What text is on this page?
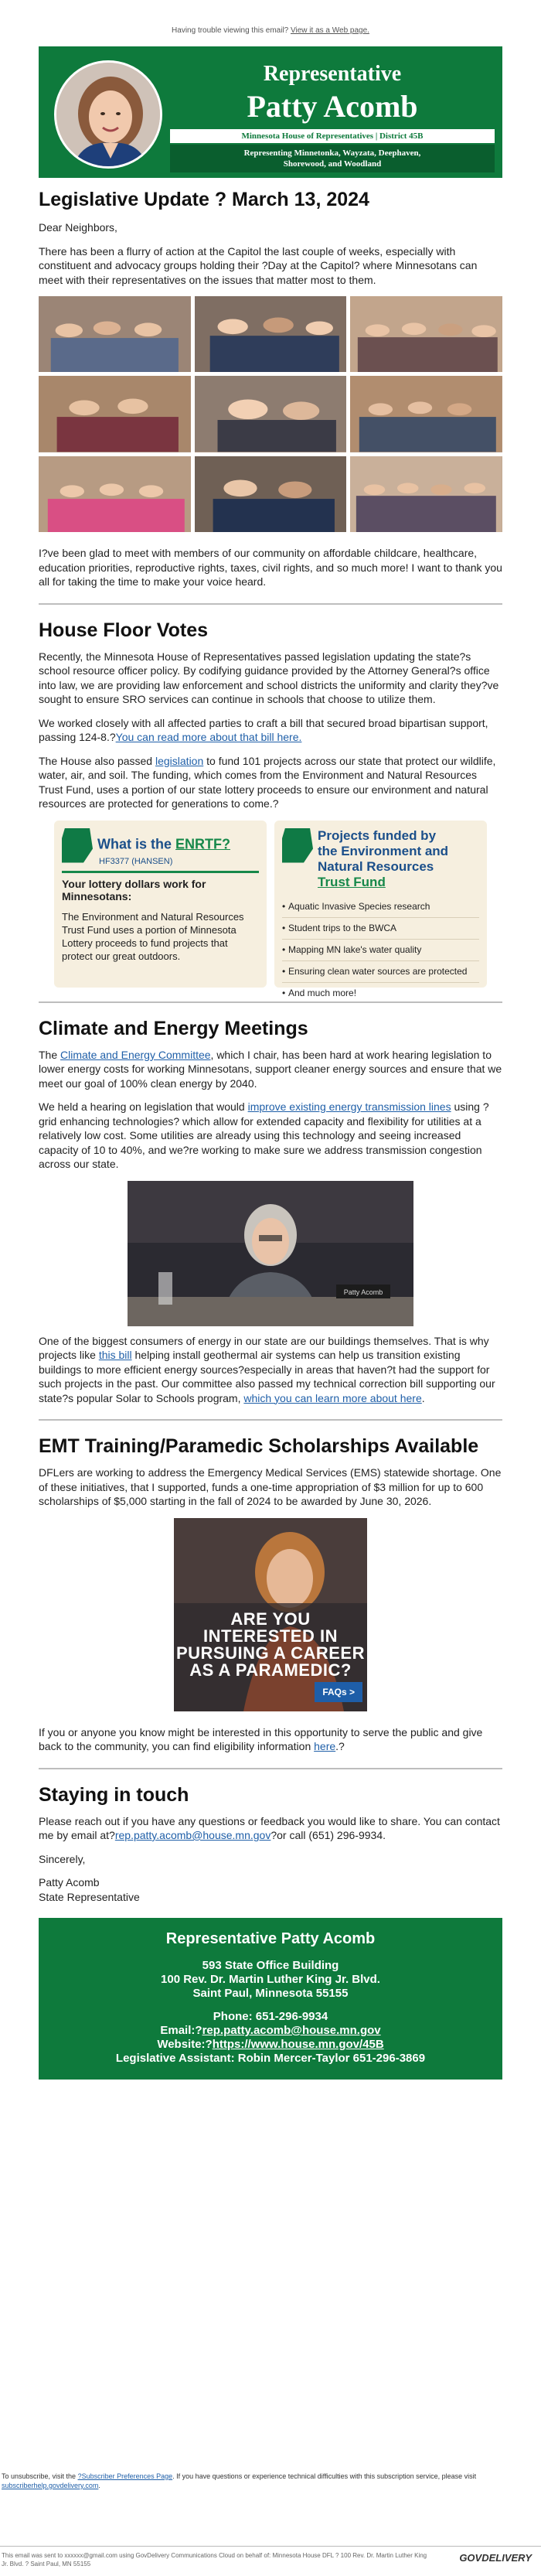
Having trouble viewing this email? View it as a Web page.
Representative
Patty Acomb
Minnesota House of Representatives | District 45B
Representing Minnetonka, Wayzata, Deephaven,
Shorewood, and Woodland
Legislative Update ? March 13, 2024

Dear Neighbors,

There has been a flurry of action at the Capitol the last couple of weeks, especially with constituent and advocacy groups holding their ?Day at the Capitol? where Minnesotans can meet with their representatives on the issues that matter most to them.

I?ve been glad to meet with members of our community on affordable childcare, healthcare, education priorities, reproductive rights, taxes, civil rights, and so much more! I want to thank you all for taking the time to make your voice heard.

House Floor Votes

Recently, the Minnesota House of Representatives passed legislation updating the state?s school resource officer policy. By codifying guidance provided by the Attorney General?s office into law, we are providing law enforcement and school districts the uniformity and clarity they?ve sought to ensure SRO services can continue in schools that choose to utilize them.

We worked closely with all affected parties to craft a bill that secured broad bipartisan support, passing 124-8.?You can read more about that bill here.

The House also passed legislation to fund 101 projects across our state that protect our wildlife, water, air, and soil. The funding, which comes from the Environment and Natural Resources Trust Fund, uses a portion of our state lottery proceeds to ensure our environment and natural resources are protected for generations to come.?

What is the ENRTF?
HF3377 (HANSEN)
Your lottery dollars work for Minnesotans:
The Environment and Natural Resources Trust Fund uses a portion of Minnesota Lottery proceeds to fund projects that protect our great outdoors.
Projects funded by
the Environment and
Natural Resources
Trust Fund
• Aquatic Invasive Species research
• Student trips to the BWCA
• Mapping MN lake's water quality
• Ensuring clean water sources are protected
• And much more!
Climate and Energy Meetings

The Climate and Energy Committee, which I chair, has been hard at work hearing legislation to lower energy costs for working Minnesotans, support cleaner energy sources and ensure that we meet our goal of 100% clean energy by 2040.

We held a hearing on legislation that would improve existing energy transmission lines using ?grid enhancing technologies? which allow for extended capacity and flexibility for utilities at a relatively low cost. Some utilities are already using this technology and seeing increased capacity of 10 to 40%, and we?re working to make sure we address transmission congestion across our state.

Patty Acomb

One of the biggest consumers of energy in our state are our buildings themselves. That is why projects like this bill helping install geothermal air systems can help us transition existing buildings to more efficient energy sources?especially in areas that haven?t had the support for such projects in the past. Our committee also passed my technical correction bill supporting our state?s popular Solar to Schools program, which you can learn more about here.

EMT Training/Paramedic Scholarships Available

DFLers are working to address the Emergency Medical Services (EMS) statewide shortage. One of these initiatives, that I supported, funds a one-time appropriation of $3 million for up to 600 scholarships of $5,000 starting in the fall of 2024 to be awarded by June 30, 2026.

ARE YOU INTERESTED IN PURSUING A CAREER AS A PARAMEDIC?
FAQs >

If you or anyone you know might be interested in this opportunity to serve the public and give back to the community, you can find eligibility information here.?

Staying in touch

Please reach out if you have any questions or feedback you would like to share. You can contact me by email at?rep.patty.acomb@house.mn.gov?or call (651) 296-9934.

Sincerely,

Patty Acomb

State Representative

Representative Patty Acomb
593 State Office Building
100 Rev. Dr. Martin Luther King Jr. Blvd.
Saint Paul, Minnesota 55155
Phone: 651-296-9934
Email:?rep.patty.acomb@house.mn.gov
Website:?https://www.house.mn.gov/45B
Legislative Assistant: Robin Mercer-Taylor 651-296-3869
To unsubscribe, visit the ?Subscriber Preferences Page. If you have questions or experience technical difficulties with this subscription service, please visit subscriberhelp.govdelivery.com.
This email was sent to xxxxxx@gmail.com using GovDelivery Communications Cloud on behalf of: Minnesota House DFL ? 100 Rev. Dr. Martin Luther King Jr. Blvd. ? Saint Paul, MN 55155
GOVDELIVERY
